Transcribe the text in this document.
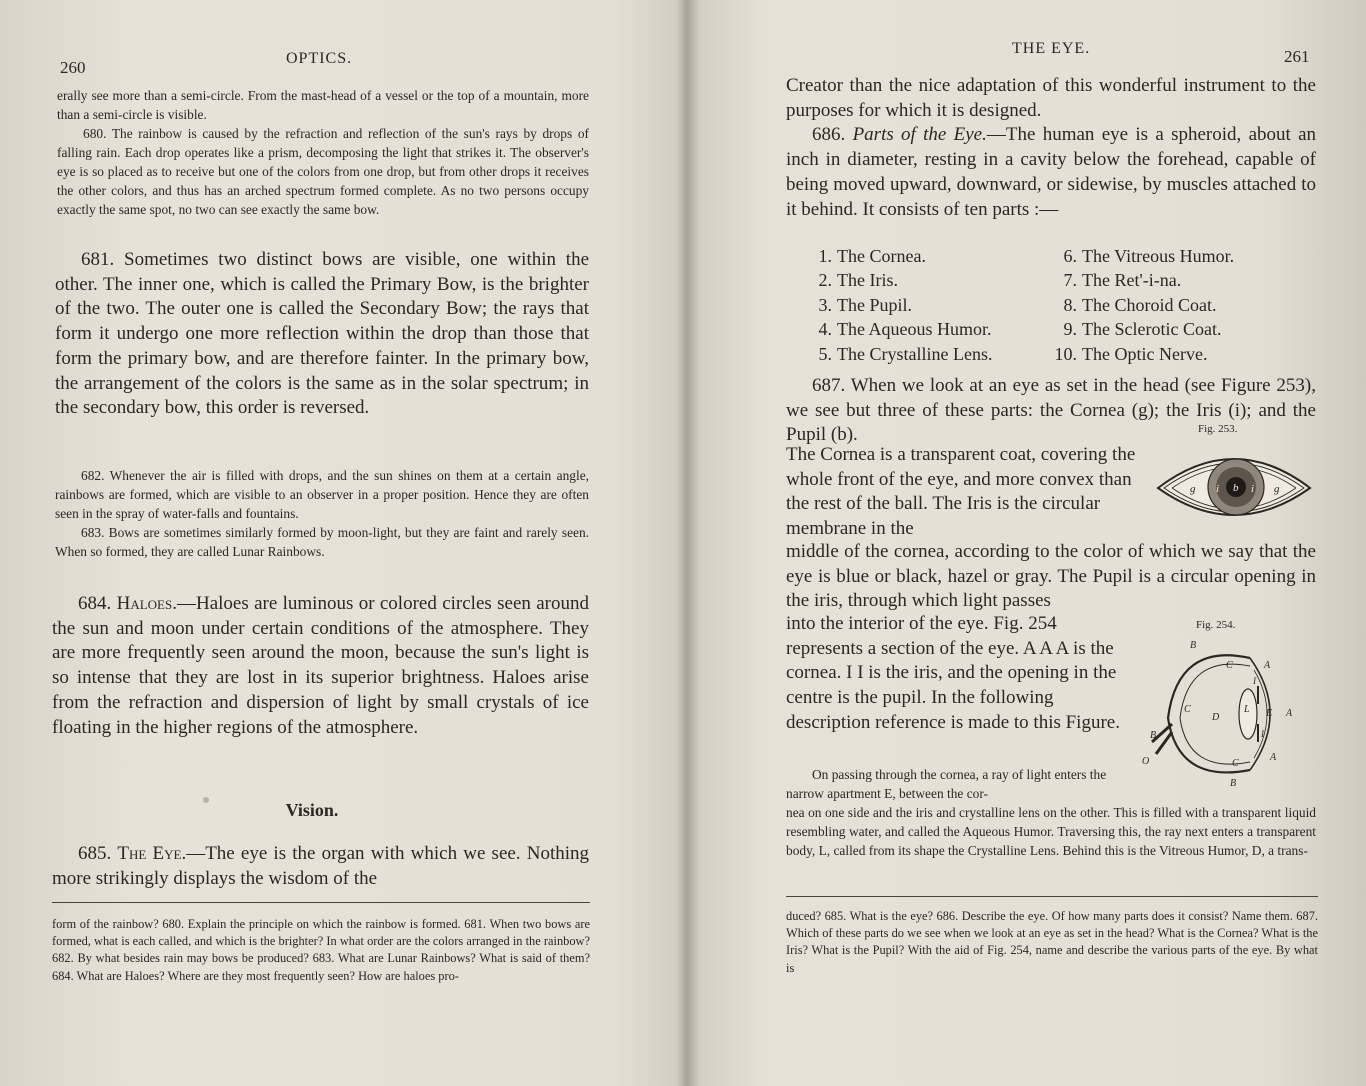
260	OPTICS.

erally see more than a semi-circle. From the mast-head of a vessel or the top of a mountain, more than a semi-circle is visible.

680. The rainbow is caused by the refraction and reflection of the sun's rays by drops of falling rain. Each drop operates like a prism, decomposing the light that strikes it. The observer's eye is so placed as to receive but one of the colors from one drop, but from other drops it receives the other colors, and thus has an arched spectrum formed complete. As no two persons occupy exactly the same spot, no two can see exactly the same bow.

681. Sometimes two distinct bows are visible, one within the other. The inner one, which is called the Primary Bow, is the brighter of the two. The outer one is called the Secondary Bow; the rays that form it undergo one more reflection within the drop than those that form the primary bow, and are therefore fainter. In the primary bow, the arrangement of the colors is the same as in the solar spectrum; in the secondary bow, this order is reversed.

682. Whenever the air is filled with drops, and the sun shines on them at a certain angle, rainbows are formed, which are visible to an observer in a proper position. Hence they are often seen in the spray of water-falls and fountains.

683. Bows are sometimes similarly formed by moon-light, but they are faint and rarely seen. When so formed, they are called Lunar Rainbows.

684. Haloes.—Haloes are luminous or colored circles seen around the sun and moon under certain conditions of the atmosphere. They are more frequently seen around the moon, because the sun's light is so intense that they are lost in its superior brightness. Haloes arise from the refraction and dispersion of light by small crystals of ice floating in the higher regions of the atmosphere.

Vision.

685. The Eye.—The eye is the organ with which we see. Nothing more strikingly displays the wisdom of the

form of the rainbow? 680. Explain the principle on which the rainbow is formed. 681. When two bows are formed, what is each called, and which is the brighter? In what order are the colors arranged in the rainbow? 682. By what besides rain may bows be produced? 683. What are Lunar Rainbows? What is said of them? 684. What are Haloes? Where are they most frequently seen? How are haloes pro-
THE EYE.	261

Creator than the nice adaptation of this wonderful instrument to the purposes for which it is designed.

686. Parts of the Eye.—The human eye is a spheroid, about an inch in diameter, resting in a cavity below the forehead, capable of being moved upward, downward, or sidewise, by muscles attached to it behind. It consists of ten parts :—

1. The Cornea.	6. The Vitreous Humor.
2. The Iris.	7. The Ret'-i-na.
3. The Pupil.	8. The Choroid Coat.
4. The Aqueous Humor.	9. The Sclerotic Coat.
5. The Crystalline Lens.	10. The Optic Nerve.

687. When we look at an eye as set in the head (see Figure 253), we see but three of these parts: the Cornea (g); the Iris (i); and the Pupil (b).

The Cornea is a transparent coat, covering the whole front of the eye, and more convex than the rest of the ball. The Iris is the circular membrane in the
middle of the cornea, according to the color of which we say that the eye is blue or black, hazel or gray. The Pupil is a circular opening in the iris, through which light passes
into the interior of the eye. Fig. 254 represents a section of the eye. A A A is the cornea. I I is the iris, and the opening in the centre is the pupil. In the following description reference is made to this Figure.
On passing through the cornea, a ray of light enters the narrow apartment E, between the cor-
nea on one side and the iris and crystalline lens on the other. This is filled with a transparent liquid resembling water, and called the Aqueous Humor. Traversing this, the ray next enters a transparent body, L, called from its shape the Crystalline Lens. Behind this is the Vitreous Humor, D, a trans-
duced? 685. What is the eye? 686. Describe the eye. Of how many parts does it consist? Name them. 687. Which of these parts do we see when we look at an eye as set in the head? What is the Cornea? What is the Iris? What is the Pupil? With the aid of Fig. 254, name and describe the various parts of the eye. By what is
Fig. 253.
g i b i g
Fig. 254.
B
C	A
C
D
L E A
I
I
B
O	C
A
B
